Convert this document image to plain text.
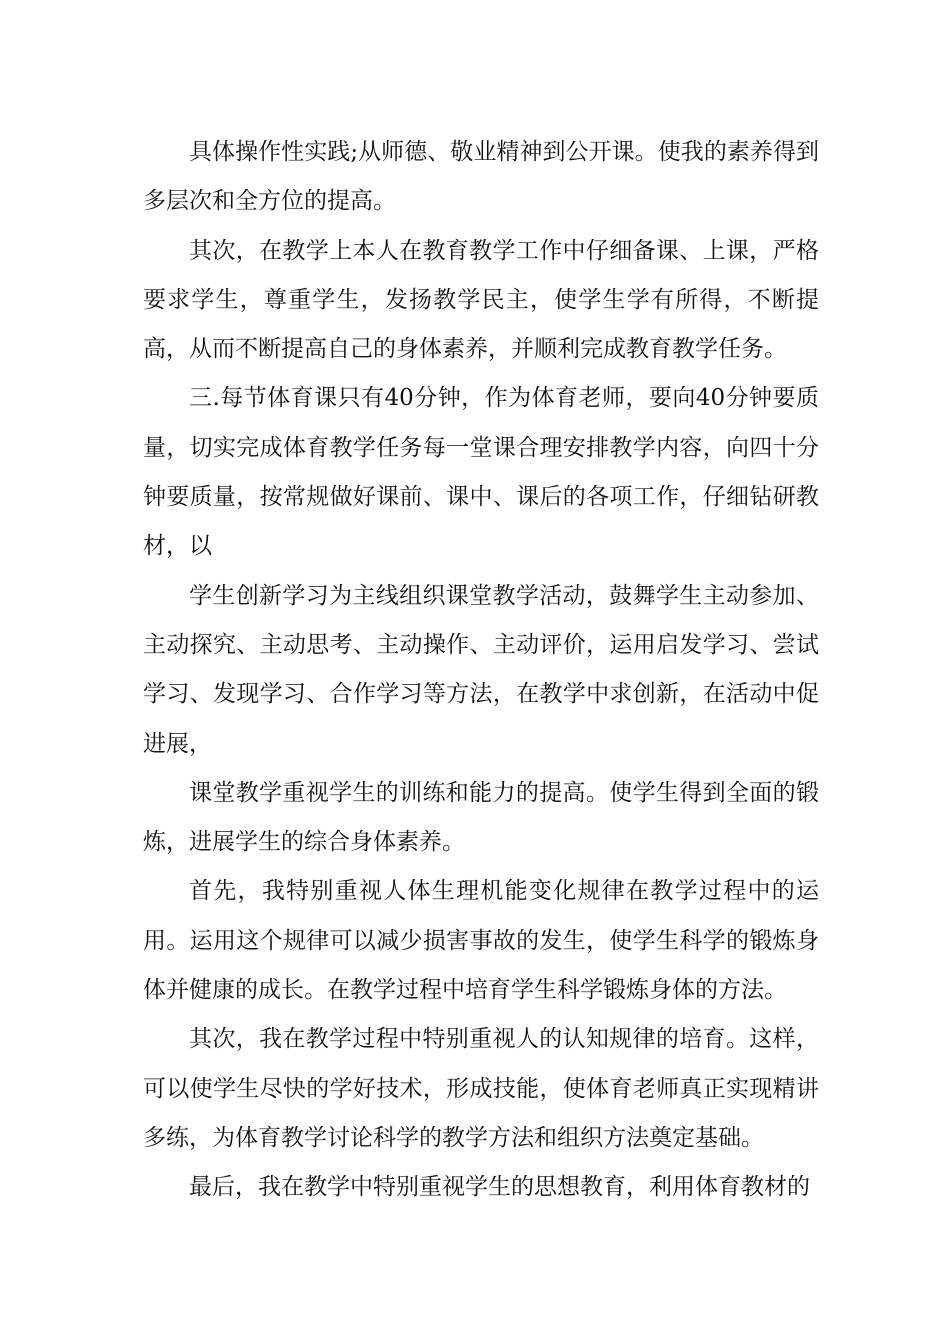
具体操作性实践;从师德、敬业精神到公开课。使我的素养得到多层次和全方位的提高。

其次，在教学上本人在教育教学工作中仔细备课、上课，严格要求学生，尊重学生，发扬教学民主，使学生学有所得，不断提高，从而不断提高自己的身体素养，并顺利完成教育教学任务。

三.每节体育课只有40分钟，作为体育老师，要向40分钟要质量，切实完成体育教学任务每一堂课合理安排教学内容，向四十分钟要质量，按常规做好课前、课中、课后的各项工作，仔细钻研教材，以

学生创新学习为主线组织课堂教学活动，鼓舞学生主动参加、主动探究、主动思考、主动操作、主动评价，运用启发学习、尝试学习、发现学习、合作学习等方法，在教学中求创新，在活动中促进展，

课堂教学重视学生的训练和能力的提高。使学生得到全面的锻炼，进展学生的综合身体素养。

首先，我特别重视人体生理机能变化规律在教学过程中的运用。运用这个规律可以减少损害事故的发生，使学生科学的锻炼身体并健康的成长。在教学过程中培育学生科学锻炼身体的方法。

其次，我在教学过程中特别重视人的认知规律的培育。这样，可以使学生尽快的学好技术，形成技能，使体育老师真正实现精讲多练，为体育教学讨论科学的教学方法和组织方法奠定基础。

最后，我在教学中特别重视学生的思想教育，利用体育教材的
